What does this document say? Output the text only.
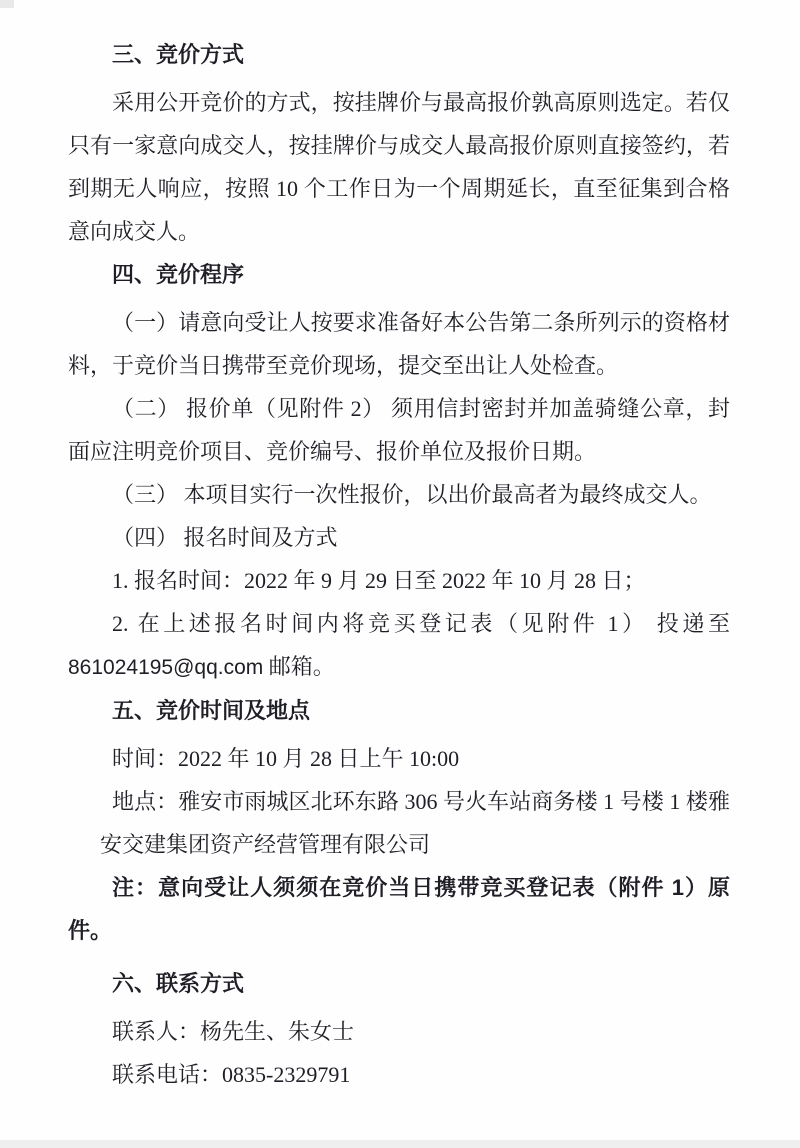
三、竞价方式

采用公开竞价的方式，按挂牌价与最高报价孰高原则选定。若仅只有一家意向成交人，按挂牌价与成交人最高报价原则直接签约，若到期无人响应，按照 10 个工作日为一个周期延长，直至征集到合格意向成交人。

四、竞价程序

（一）请意向受让人按要求准备好本公告第二条所列示的资格材料，于竞价当日携带至竞价现场，提交至出让人处检查。

（二） 报价单（见附件 2） 须用信封密封并加盖骑缝公章，封面应注明竞价项目、竞价编号、报价单位及报价日期。

（三） 本项目实行一次性报价，以出价最高者为最终成交人。

（四） 报名时间及方式

1. 报名时间：2022 年 9 月 29 日至 2022 年 10 月 28 日；

2. 在上述报名时间内将竞买登记表（见附件 1） 投递至 861024195@qq.com 邮箱。

五、竞价时间及地点

时间：2022 年 10 月 28 日上午 10:00

地点：雅安市雨城区北环东路 306 号火车站商务楼 1 号楼 1 楼雅安交建集团资产经营管理有限公司

注：意向受让人须须在竞价当日携带竞买登记表（附件 1）原件。

六、联系方式

联系人：杨先生、朱女士

联系电话：0835-2329791
